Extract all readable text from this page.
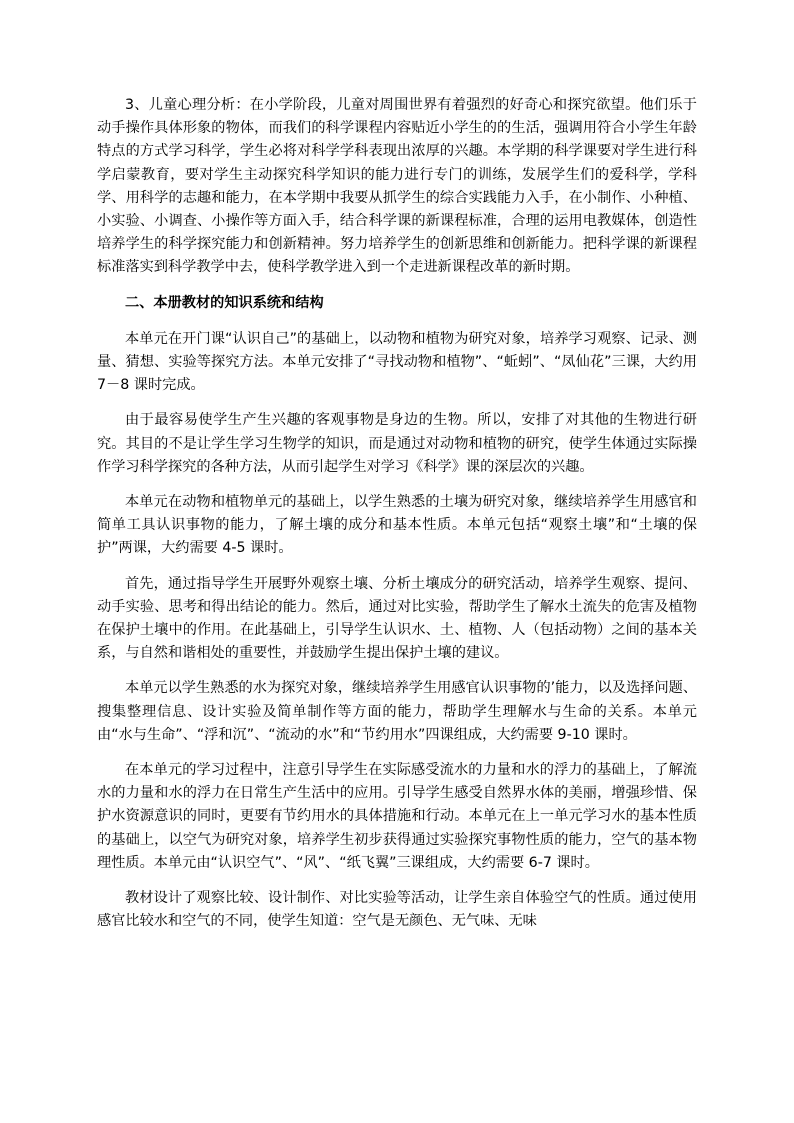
3、儿童心理分析：在小学阶段，儿童对周围世界有着强烈的好奇心和探究欲望。他们乐于动手操作具体形象的物体，而我们的科学课程内容贴近小学生的的生活，强调用符合小学生年龄特点的方式学习科学，学生必将对科学学科表现出浓厚的兴趣。本学期的科学课要对学生进行科学启蒙教育，要对学生主动探究科学知识的能力进行专门的训练，发展学生们的爱科学，学科学、用科学的志趣和能力，在本学期中我要从抓学生的综合实践能力入手，在小制作、小种植、小实验、小调查、小操作等方面入手，结合科学课的新课程标准，合理的运用电教媒体，创造性培养学生的科学探究能力和创新精神。努力培养学生的创新思维和创新能力。把科学课的新课程标准落实到科学教学中去，使科学教学进入到一个走进新课程改革的新时期。

二、本册教材的知识系统和结构

本单元在开门课“认识自己”的基础上，以动物和植物为研究对象，培养学习观察、记录、测量、猜想、实验等探究方法。本单元安排了“寻找动物和植物”、“蚯蚓”、“凤仙花”三课，大约用 7－8 课时完成。

由于最容易使学生产生兴趣的客观事物是身边的生物。所以，安排了对其他的生物进行研究。其目的不是让学生学习生物学的知识，而是通过对动物和植物的研究，使学生体通过实际操作学习科学探究的各种方法，从而引起学生对学习《科学》课的深层次的兴趣。

本单元在动物和植物单元的基础上，以学生熟悉的土壤为研究对象，继续培养学生用感官和简单工具认识事物的能力，了解土壤的成分和基本性质。本单元包括“观察土壤”和“土壤的保护”两课，大约需要 4-5 课时。

首先，通过指导学生开展野外观察土壤、分析土壤成分的研究活动，培养学生观察、提问、动手实验、思考和得出结论的能力。然后，通过对比实验，帮助学生了解水土流失的危害及植物在保护土壤中的作用。在此基础上，引导学生认识水、土、植物、人（包括动物）之间的基本关系，与自然和谐相处的重要性，并鼓励学生提出保护土壤的建议。

本单元以学生熟悉的水为探究对象，继续培养学生用感官认识事物的’能力，以及选择问题、搜集整理信息、设计实验及简单制作等方面的能力，帮助学生理解水与生命的关系。本单元由“水与生命”、“浮和沉”、“流动的水”和“节约用水”四课组成，大约需要 9-10 课时。

在本单元的学习过程中，注意引导学生在实际感受流水的力量和水的浮力的基础上，了解流水的力量和水的浮力在日常生产生活中的应用。引导学生感受自然界水体的美丽，增强珍惜、保护水资源意识的同时，更要有节约用水的具体措施和行动。本单元在上一单元学习水的基本性质的基础上，以空气为研究对象，培养学生初步获得通过实验探究事物性质的能力，空气的基本物理性质。本单元由“认识空气”、“风”、“纸飞翼”三课组成，大约需要 6-7 课时。

教材设计了观察比较、设计制作、对比实验等活动，让学生亲自体验空气的性质。通过使用感官比较水和空气的不同，使学生知道：空气是无颜色、无气味、无味
